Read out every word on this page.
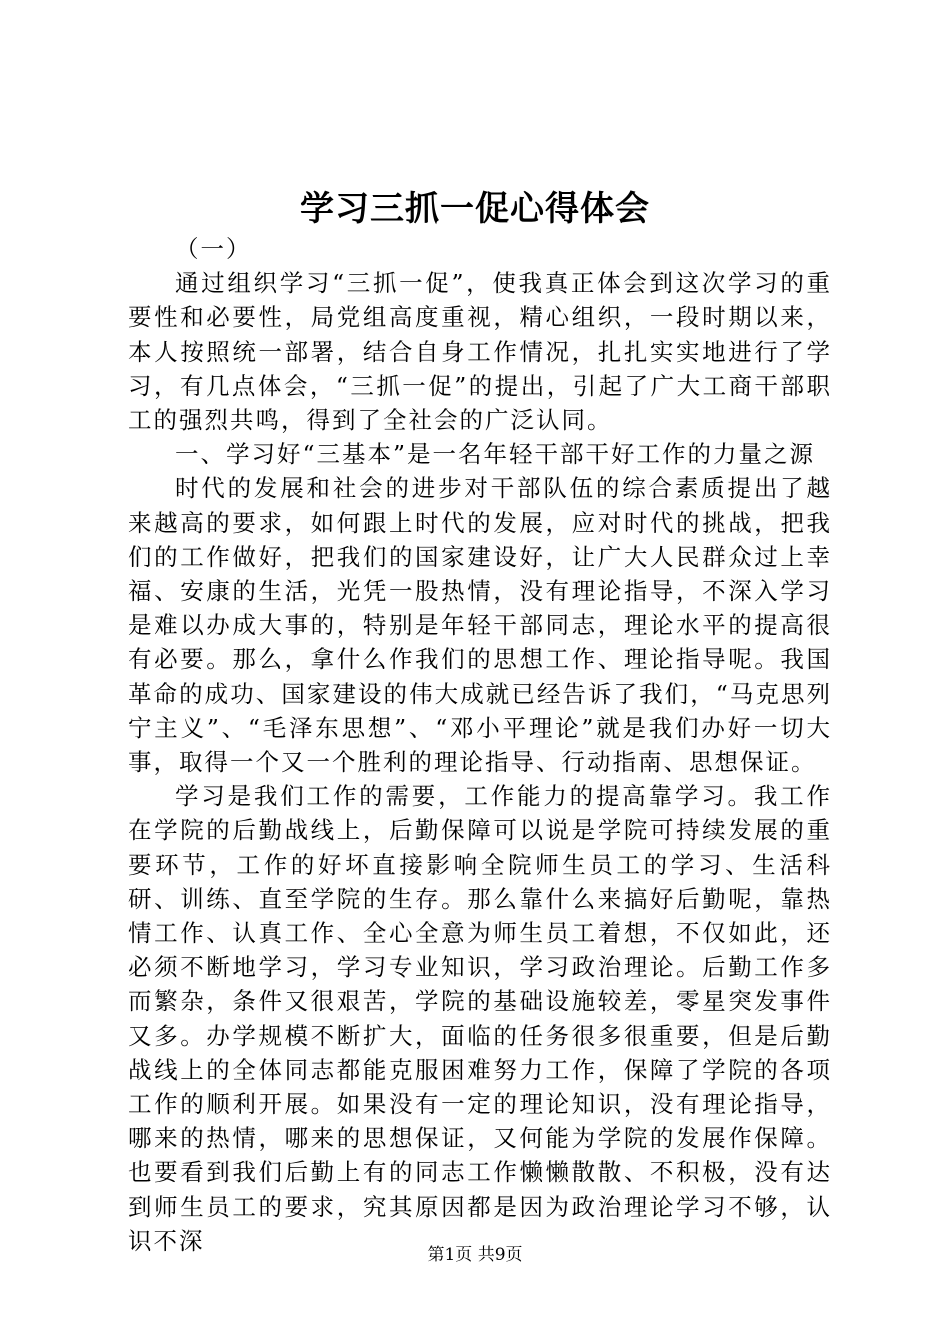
学习三抓一促心得体会

（一）

通过组织学习“三抓一促”，使我真正体会到这次学习的重要性和必要性，局党组高度重视，精心组织，一段时期以来，本人按照统一部署，结合自身工作情况，扎扎实实地进行了学习，有几点体会，“三抓一促”的提出，引起了广大工商干部职工的强烈共鸣，得到了全社会的广泛认同。

一、学习好“三基本”是一名年轻干部干好工作的力量之源

时代的发展和社会的进步对干部队伍的综合素质提出了越来越高的要求，如何跟上时代的发展，应对时代的挑战，把我们的工作做好，把我们的国家建设好，让广大人民群众过上幸福、安康的生活，光凭一股热情，没有理论指导，不深入学习是难以办成大事的，特别是年轻干部同志，理论水平的提高很有必要。那么，拿什么作我们的思想工作、理论指导呢。我国革命的成功、国家建设的伟大成就已经告诉了我们，“马克思列宁主义”、“毛泽东思想”、“邓小平理论”就是我们办好一切大事，取得一个又一个胜利的理论指导、行动指南、思想保证。

学习是我们工作的需要，工作能力的提高靠学习。我工作在学院的后勤战线上，后勤保障可以说是学院可持续发展的重要环节，工作的好坏直接影响全院师生员工的学习、生活科研、训练、直至学院的生存。那么靠什么来搞好后勤呢，靠热情工作、认真工作、全心全意为师生员工着想，不仅如此，还必须不断地学习，学习专业知识，学习政治理论。后勤工作多而繁杂，条件又很艰苦，学院的基础设施较差，零星突发事件又多。办学规模不断扩大，面临的任务很多很重要，但是后勤战线上的全体同志都能克服困难努力工作，保障了学院的各项工作的顺利开展。如果没有一定的理论知识，没有理论指导，哪来的热情，哪来的思想保证，又何能为学院的发展作保障。也要看到我们后勤上有的同志工作懒懒散散、不积极，没有达到师生员工的要求，究其原因都是因为政治理论学习不够，认识不深

第1页 共9页
